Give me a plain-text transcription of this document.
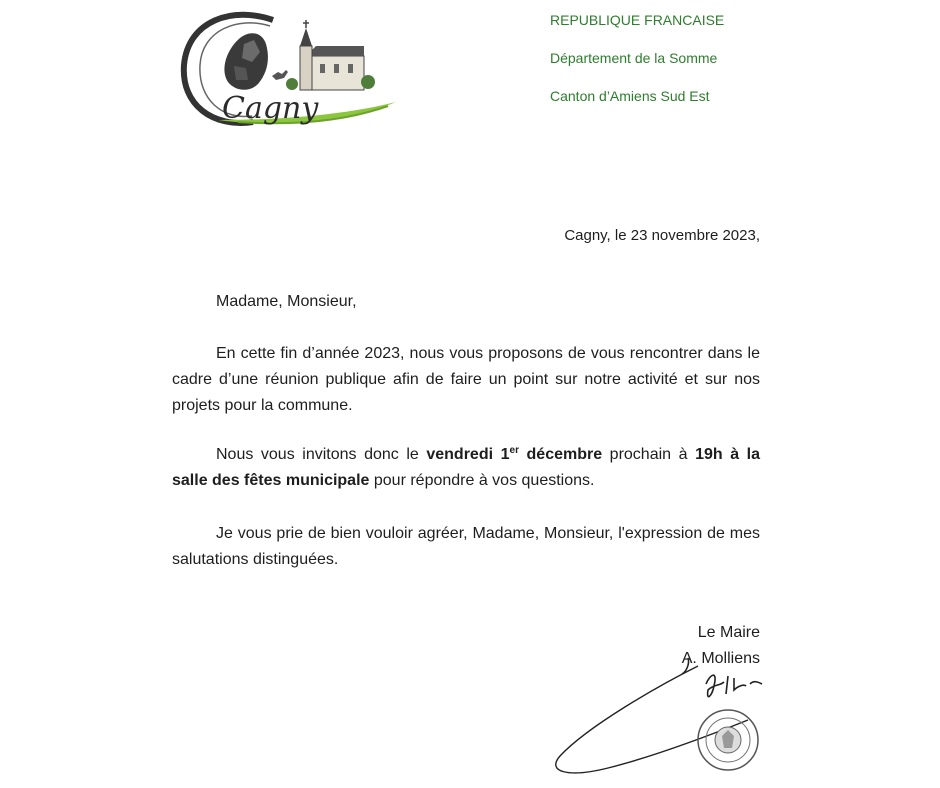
Cagny
REPUBLIQUE FRANCAISE
Département de la Somme
Canton d’Amiens Sud Est
Cagny, le 23 novembre 2023,
Madame, Monsieur,
En cette fin d’année 2023, nous vous proposons de vous rencontrer dans le cadre d’une réunion publique afin de faire un point sur notre activité et sur nos projets pour la commune.
Nous vous invitons donc le vendredi 1er décembre prochain à 19h à la salle des fêtes municipale pour répondre à vos questions.
Je vous prie de bien vouloir agréer, Madame, Monsieur, l'expression de mes salutations distinguées.
Le Maire
A. Molliens
